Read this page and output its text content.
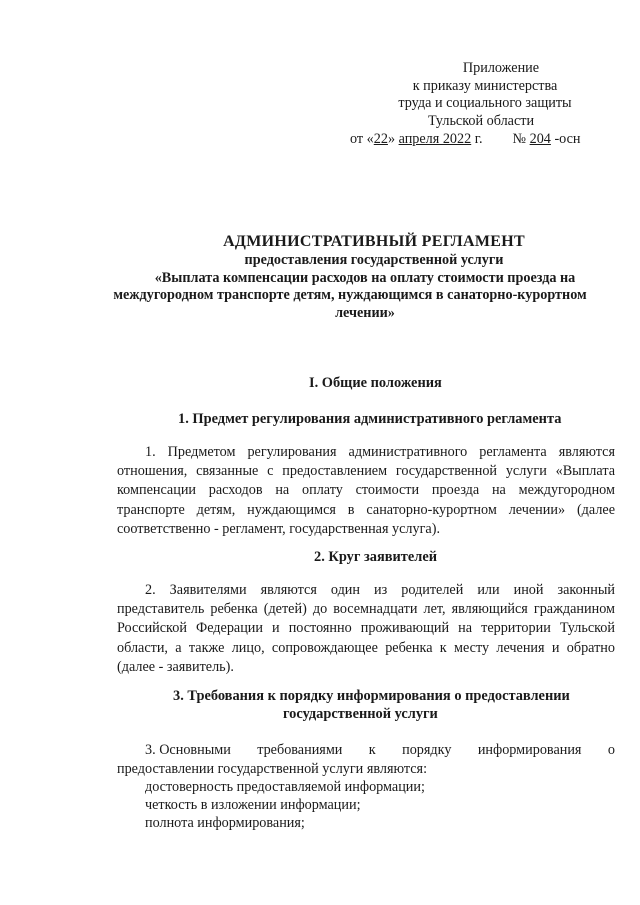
Приложение
к приказу министерства
труда и социального защиты
Тульской области
от «22» апреля 2022 г. № 204 -осн
АДМИНИСТРАТИВНЫЙ РЕГЛАМЕНТ
предоставления государственной услуги
«Выплата компенсации расходов на оплату стоимости проезда на
междугородном транспорте детям, нуждающимся в санаторно-курортном
лечении»
I. Общие положения
1. Предмет регулирования административного регламента
1. Предметом регулирования административного регламента являются отношения, связанные с предоставлением государственной услуги «Выплата компенсации расходов на оплату стоимости проезда на междугородном транспорте детям, нуждающимся в санаторно-курортном лечении» (далее соответственно - регламент, государственная услуга).
2. Круг заявителей
2. Заявителями являются один из родителей или иной законный представитель ребенка (детей) до восемнадцати лет, являющийся гражданином Российской Федерации и постоянно проживающий на территории Тульской области, а также лицо, сопровождающее ребенка к месту лечения и обратно (далее - заявитель).
3. Требования к порядку информирования о предоставлении
государственной услуги
3. Основными требованиями к порядку информирования о
предоставлении государственной услуги являются:
достоверность предоставляемой информации;
четкость в изложении информации;
полнота информирования;
